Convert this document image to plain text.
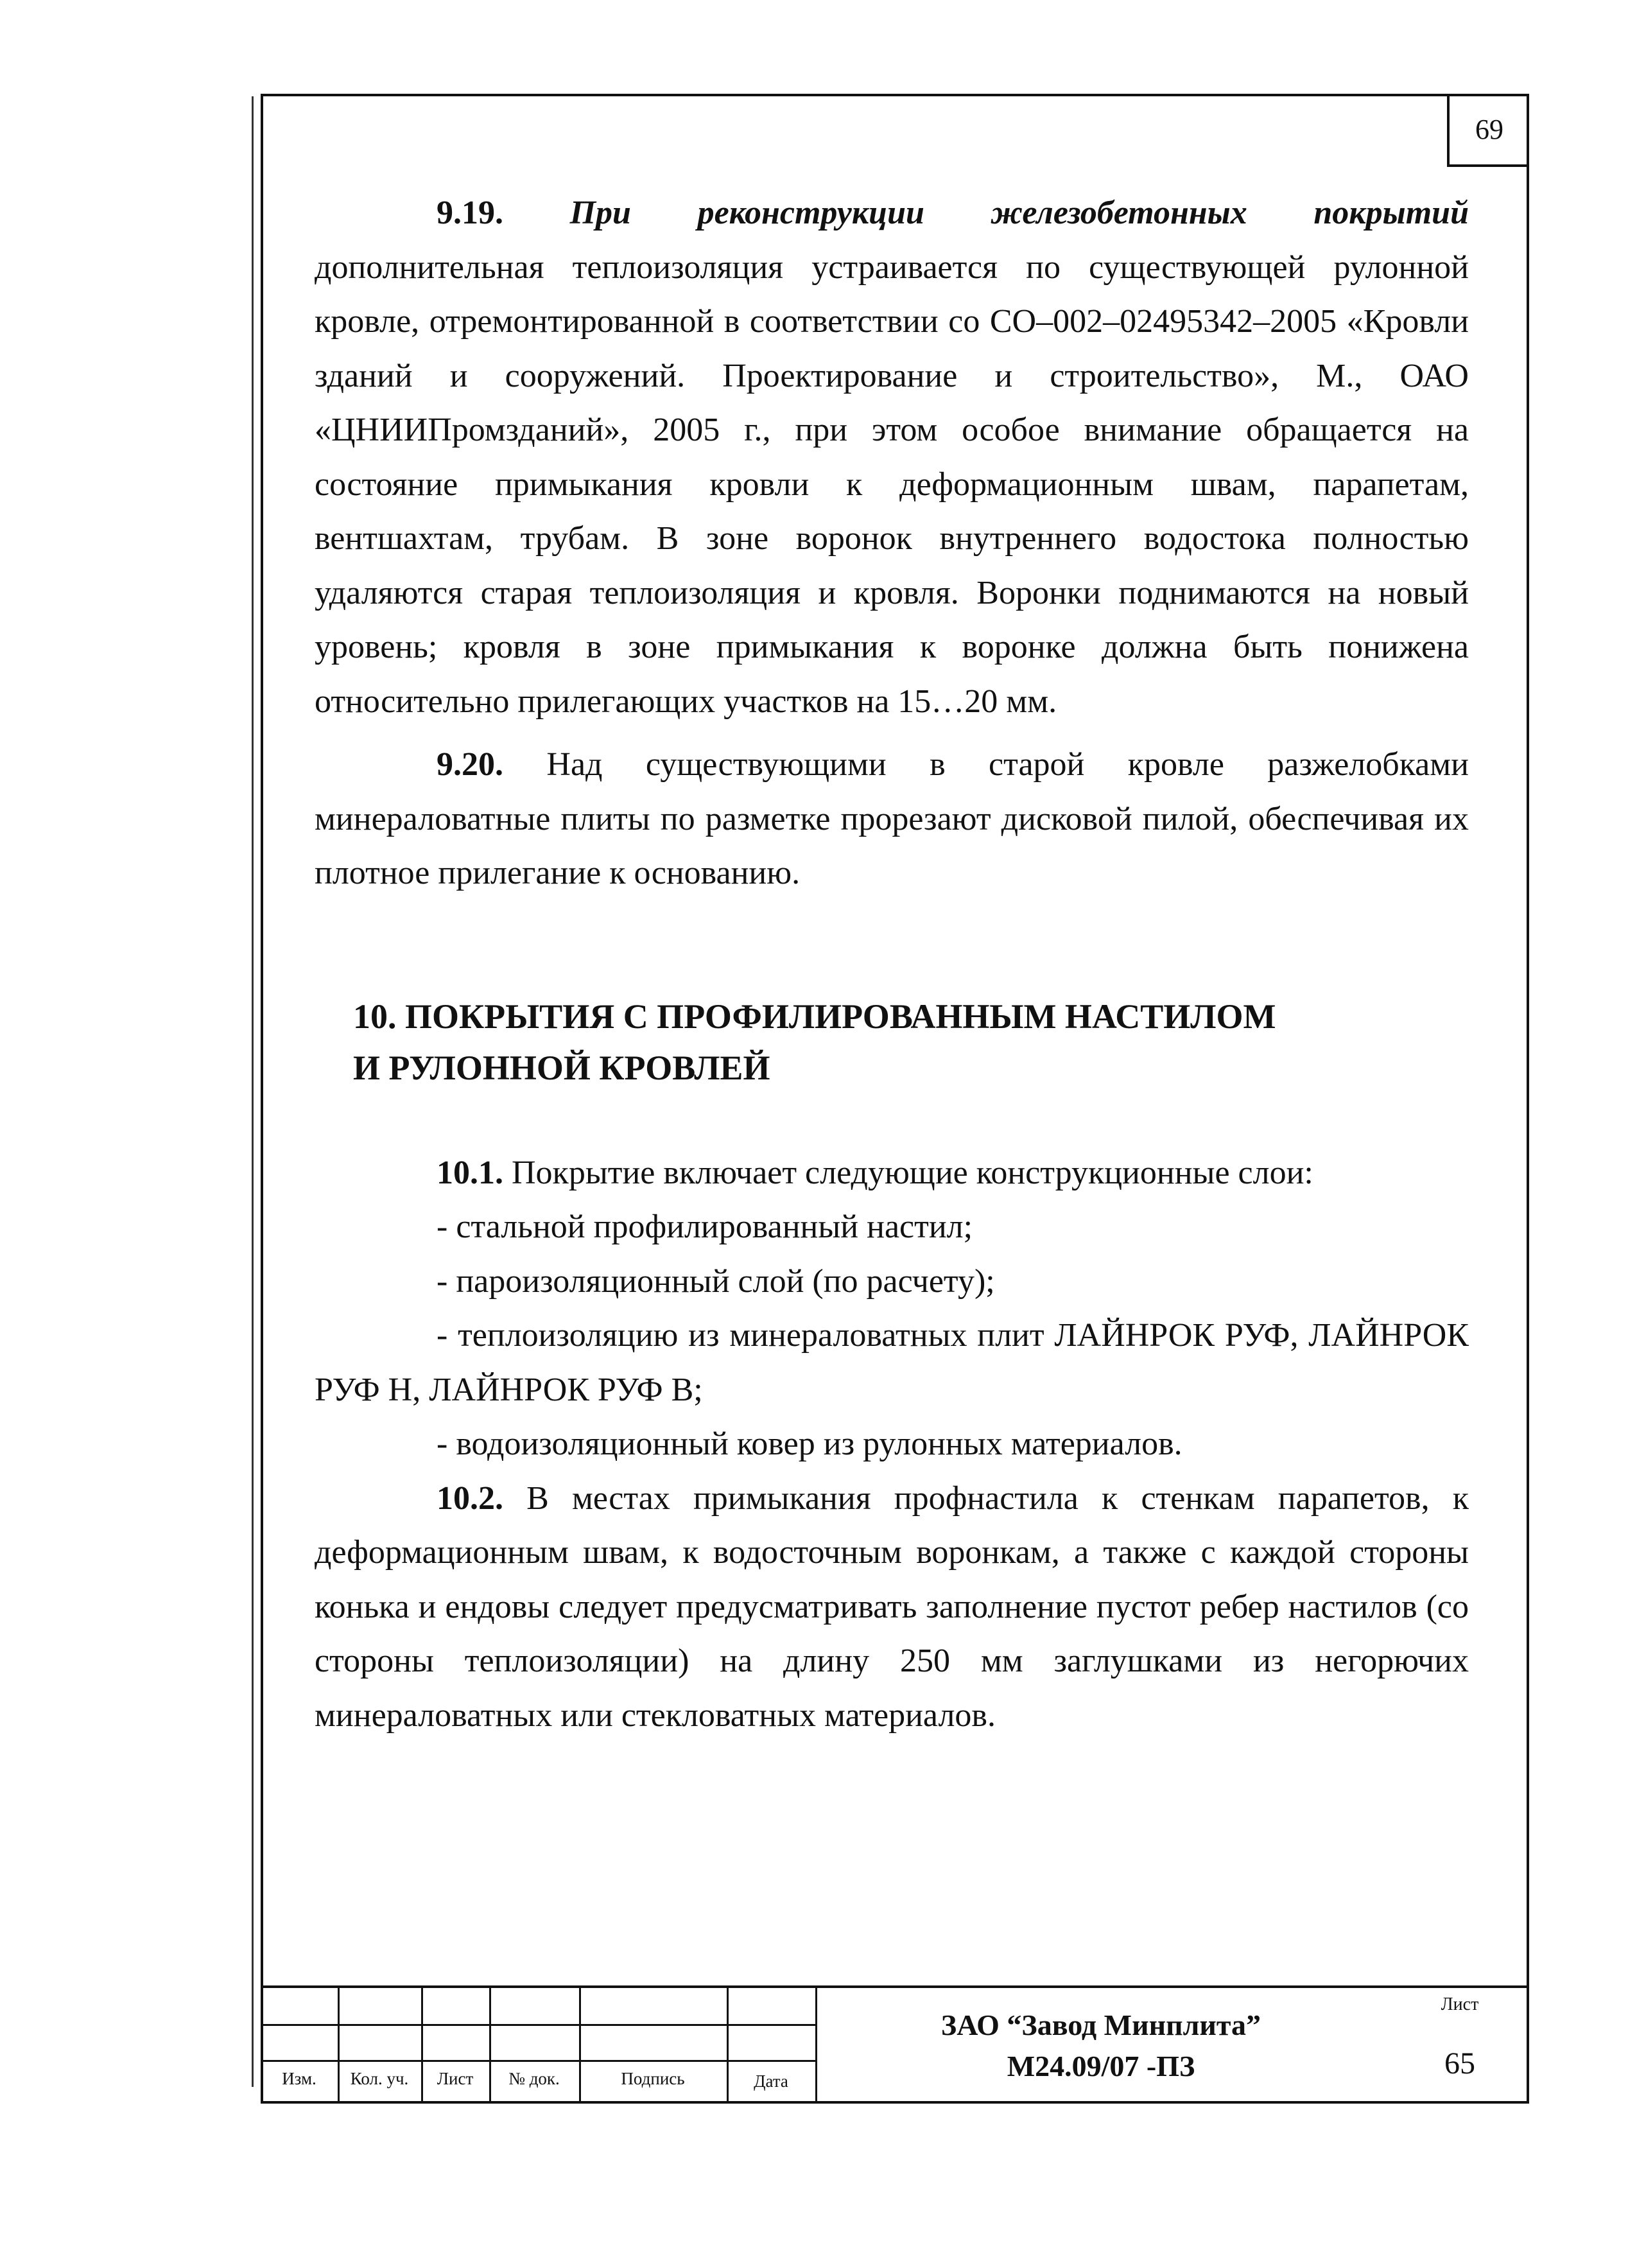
69

9.19. При реконструкции железобетонных покрытий дополнительная теплоизоляция устраивается по существующей рулонной кровле, отремонтированной в соответствии со СО–002–02495342–2005 «Кровли зданий и сооружений. Проектирование и строительство», М., ОАО «ЦНИИПромзданий», 2005 г., при этом особое внимание обращается на состояние примыкания кровли к деформационным швам, парапетам, вентшахтам, трубам. В зоне воронок внутреннего водостока полностью удаляются старая теплоизоляция и кровля. Воронки поднимаются на новый уровень; кровля в зоне примыкания к воронке должна быть понижена относительно прилегающих участков на 15…20 мм.

9.20. Над существующими в старой кровле разжелобками минераловатные плиты по разметке прорезают дисковой пилой, обеспечивая их плотное прилегание к основанию.

10. ПОКРЫТИЯ С ПРОФИЛИРОВАННЫМ НАСТИЛОМ
И РУЛОННОЙ КРОВЛЕЙ

10.1. Покрытие включает следующие конструкционные слои:

- стальной профилированный настил;

- пароизоляционный слой (по расчету);

- теплоизоляцию из минераловатных плит ЛАЙНРОК РУФ, ЛАЙНРОК РУФ Н, ЛАЙНРОК РУФ В;

- водоизоляционный ковер из рулонных материалов.

10.2. В местах примыкания профнастила к стенкам парапетов, к деформационным швам, к водосточным воронкам, а также с каждой стороны конька и ендовы следует предусматривать заполнение пустот ребер настилов (со стороны теплоизоляции) на длину 250 мм заглушками из негорючих минераловатных или стекловатных материалов.

Изм.	Кол. уч.	Лист	№ док.	Подпись	Дата
ЗАО “Завод Минплита”
М24.09/07 -ПЗ
Лист
65
